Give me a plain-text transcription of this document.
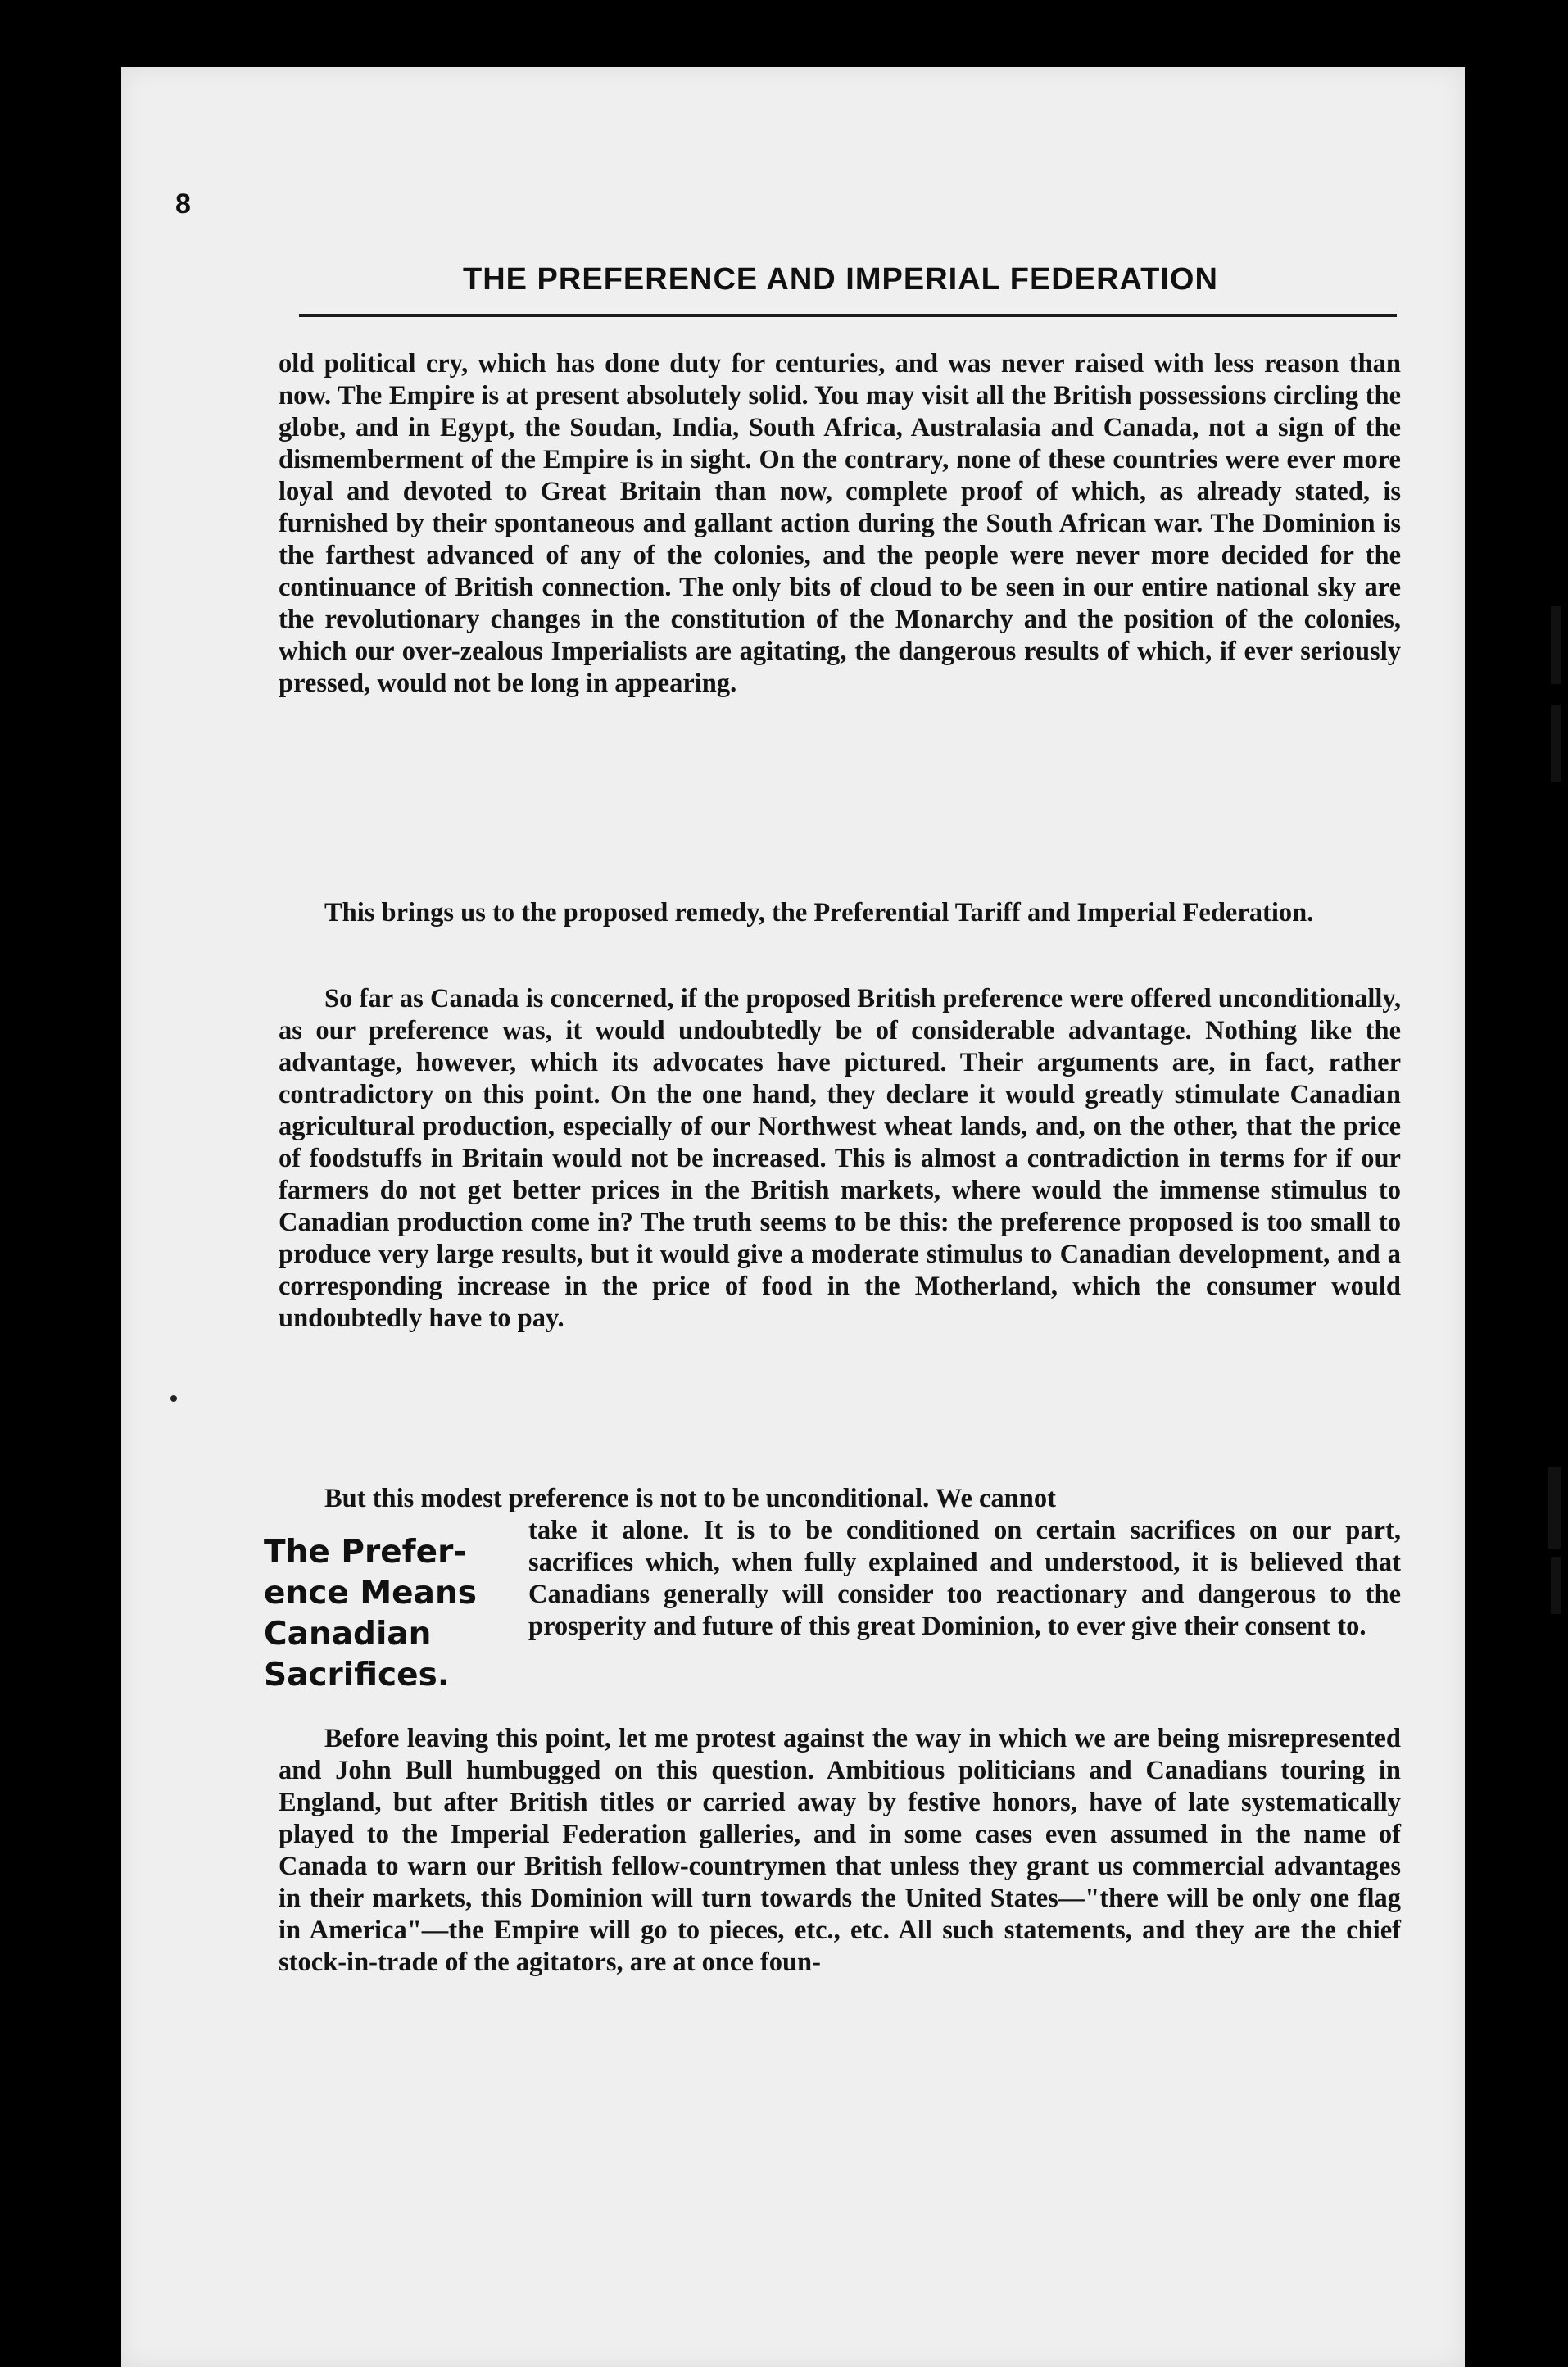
8
THE PREFERENCE AND IMPERIAL FEDERATION

old political cry, which has done duty for centuries, and was never raised with less reason than now. The Empire is at present absolutely solid. You may visit all the British possessions circling the globe, and in Egypt, the Soudan, India, South Africa, Australasia and Canada, not a sign of the dismemberment of the Empire is in sight. On the contrary, none of these countries were ever more loyal and devoted to Great Britain than now, complete proof of which, as already stated, is furnished by their spontaneous and gallant action during the South African war. The Dominion is the farthest advanced of any of the colonies, and the people were never more decided for the continuance of British connection. The only bits of cloud to be seen in our entire national sky are the revolutionary changes in the constitution of the Monarchy and the position of the colonies, which our over-zealous Imperialists are agitating, the dangerous results of which, if ever seriously pressed, would not be long in appearing.

This brings us to the proposed remedy, the Preferential Tariff and Imperial Federation.

So far as Canada is concerned, if the proposed British preference were offered unconditionally, as our preference was, it would undoubtedly be of considerable advantage. Nothing like the advantage, however, which its advocates have pictured. Their arguments are, in fact, rather contradictory on this point. On the one hand, they declare it would greatly stimulate Canadian agricultural production, especially of our Northwest wheat lands, and, on the other, that the price of foodstuffs in Britain would not be increased. This is almost a contradiction in terms for if our farmers do not get better prices in the British markets, where would the immense stimulus to Canadian production come in? The truth seems to be this: the preference proposed is too small to produce very large results, but it would give a moderate stimulus to Canadian development, and a corresponding increase in the price of food in the Motherland, which the consumer would undoubtedly have to pay.

But this modest preference is not to be unconditional. We cannot

The Prefer-
ence Means
Canadian
Sacrifices.
take it alone. It is to be conditioned on certain sacrifices on our part, sacrifices which, when fully explained and understood, it is believed that Canadians generally will consider too reactionary and dangerous to the prosperity and future of this great Dominion, to ever give their consent to.

Before leaving this point, let me protest against the way in which we are being misrepresented and John Bull humbugged on this question. Ambitious politicians and Canadians touring in England, but after British titles or carried away by festive honors, have of late systematically played to the Imperial Federation galleries, and in some cases even assumed in the name of Canada to warn our British fellow-countrymen that unless they grant us commercial advantages in their markets, this Dominion will turn towards the United States—"there will be only one flag in America"—the Empire will go to pieces, etc., etc. All such statements, and they are the chief stock-in-trade of the agitators, are at once foun-
